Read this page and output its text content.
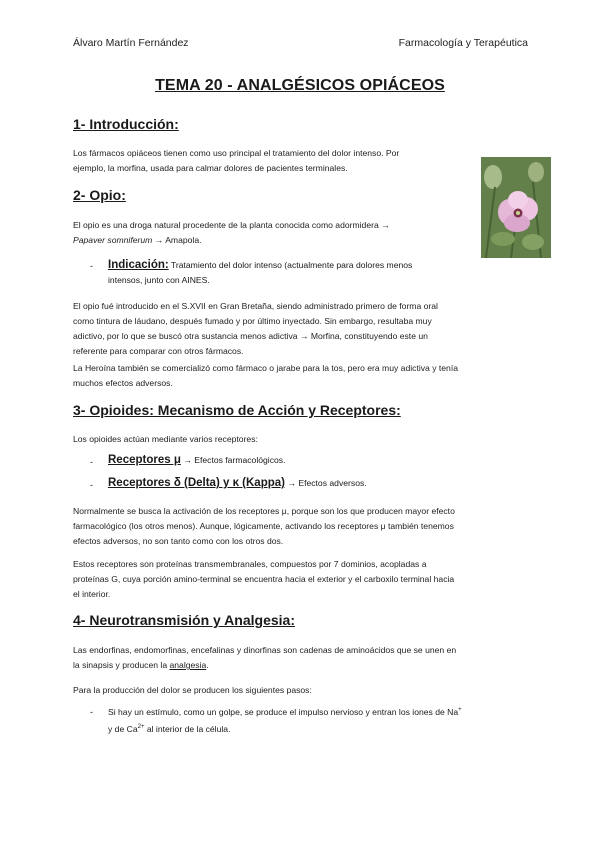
Álvaro Martín Fernández	Farmacología y Terapéutica
TEMA 20 - ANALGÉSICOS OPIÁCEOS
1- Introducción:
Los fármacos opiáceos tienen como uso principal el tratamiento del dolor intenso. Por
ejemplo, la morfina, usada para calmar dolores de pacientes terminales.
2- Opio:
El opio es una droga natural procedente de la planta conocida como adormidera →
Papaver somniferum → Amapola.
- Indicación: Tratamiento del dolor intenso (actualmente para dolores menos
intensos, junto con AINES.
El opio fué introducido en el S.XVII en Gran Bretaña, siendo administrado primero de forma oral
como tintura de láudano, después fumado y por último inyectado. Sin embargo, resultaba muy
adictivo, por lo que se buscó otra sustancia menos adictiva → Morfina, constituyendo este un
referente para comparar con otros fármacos.
La Heroína también se comercializó como fármaco o jarabe para la tos, pero era muy adictiva y tenía
muchos efectos adversos.
3- Opioides: Mecanismo de Acción y Receptores:
Los opioides actúan mediante varios receptores:
- Receptores μ → Efectos farmacológicos.
- Receptores δ (Delta) y κ (Kappa) → Efectos adversos.
Normalmente se busca la activación de los receptores μ, porque son los que producen mayor efecto
farmacológico (los otros menos). Aunque, lógicamente, activando los receptores μ también tenemos
efectos adversos, no son tanto como con los otros dos.
Estos receptores son proteínas transmembranales, compuestos por 7 dominios, acopladas a
proteínas G, cuya porción amino-terminal se encuentra hacia el exterior y el carboxilo terminal hacia
el interior.
4- Neurotransmisión y Analgesia:
Las endorfinas, endomorfinas, encefalinas y dinorfinas son cadenas de aminoácidos que se unen en
la sinapsis y producen la analgesia.
Para la producción del dolor se producen los siguientes pasos:
- Si hay un estímulo, como un golpe, se produce el impulso nervioso y entran los iones de Na+
y de $Ca^{2+}$ al interior de la célula.
